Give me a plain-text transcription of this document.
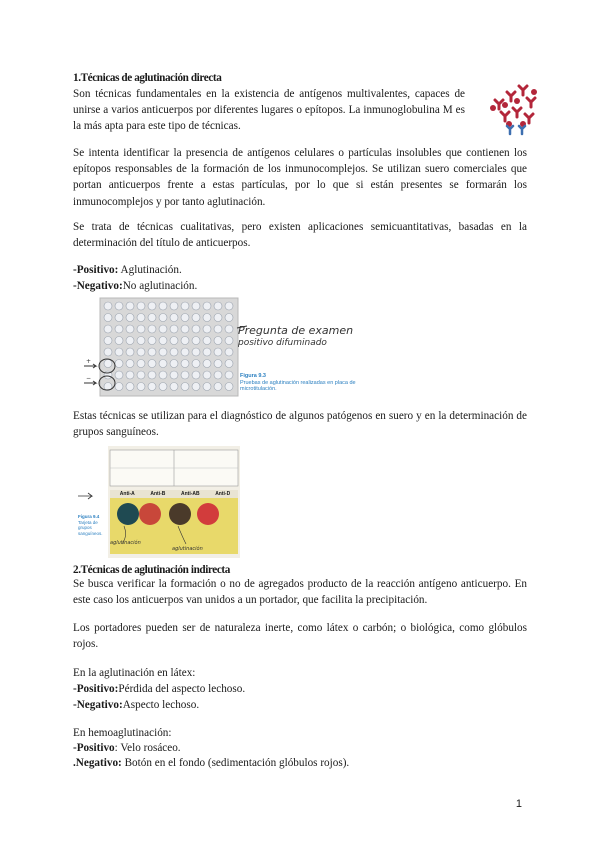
1.Técnicas de aglutinación directa
Son técnicas fundamentales en la existencia de antígenos multivalentes, capaces de unirse a varios anticuerpos por diferentes lugares o epítopos. La inmunoglobulina M es la más apta para este tipo de técnicas.
Se intenta identificar la presencia de antígenos celulares o partículas insolubles que contienen los epítopos responsables de la formación de los inmunocomplejos. Se utilizan suero comerciales que portan anticuerpos frente a estas partículas, por lo que si están presentes se formarán los inmunocomplejos y por tanto aglutinación.
Se trata de técnicas cualitativas, pero existen aplicaciones semicuantitativas, basadas en la determinación del título de anticuerpos.
-Positivo: Aglutinación.
-Negativo:No aglutinación.
+
−
Pregunta de examen
positivo difuminado
Figura 9.3
Pruebas de aglutinación realizadas en placa de microtitulación.
Estas técnicas se utilizan para el diagnóstico de algunos patógenos en suero y en la determinación de grupos sanguíneos.
Anti-A	Anti-B	Anti-AB	Anti-D
Figura 9.4
Tarjeta de grupos sanguíneos.
aglutinación
aglutinación
2.Técnicas de aglutinación indirecta
Se busca verificar la formación o no de agregados producto de la reacción antígeno anticuerpo. En este caso los anticuerpos van unidos a un portador, que facilita la precipitación.
Los portadores pueden ser de naturaleza inerte, como látex o carbón; o biológica, como glóbulos rojos.
En la aglutinación en látex:
-Positivo:Pérdida del aspecto lechoso.
-Negativo:Aspecto lechoso.
En hemoaglutinación:
-Positivo: Velo rosáceo.
.Negativo: Botón en el fondo (sedimentación glóbulos rojos).
1
